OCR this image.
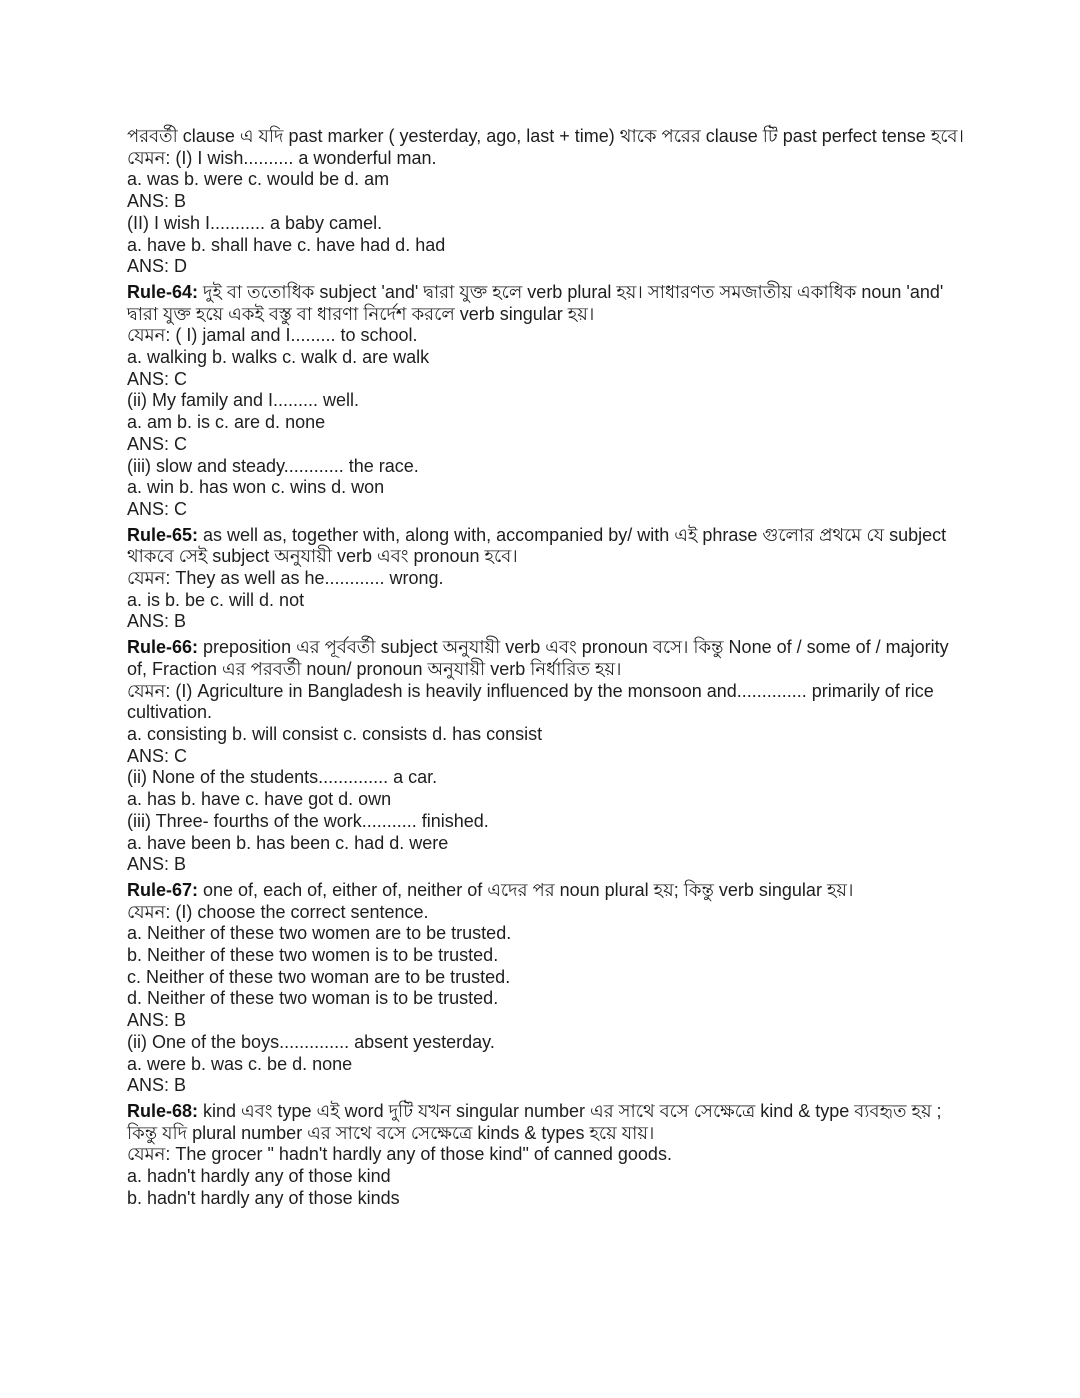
পরবর্তী clause এ যদি past marker ( yesterday, ago, last + time) থাকে পরের clause টি past perfect tense হবে।
যেমন: (I) I wish.......... a wonderful man.
a. was b. were c. would be d. am
ANS: B
(II) I wish I........... a baby camel.
a. have b. shall have c. have had d. had
ANS: D
Rule-64: দুই বা ততোধিক subject 'and' দ্বারা যুক্ত হলে verb plural হয়। সাধারণত সমজাতীয় একাধিক noun 'and' দ্বারা যুক্ত হয়ে একই বস্তু বা ধারণা নির্দেশ করলে verb singular হয়।
যেমন: ( I) jamal and I......... to school.
a. walking b. walks c. walk d. are walk
ANS: C
(ii) My family and I......... well.
a. am b. is c. are d. none
ANS: C
(iii) slow and steady............ the race.
a. win b. has won c. wins d. won
ANS: C
Rule-65: as well as, together with, along with, accompanied by/ with এই phrase গুলোর প্রথমে যে subject থাকবে সেই subject অনুযায়ী verb এবং pronoun হবে।
যেমন: They as well as he............ wrong.
a. is b. be c. will d. not
ANS: B
Rule-66: preposition এর পূর্ববর্তী subject অনুযায়ী verb এবং pronoun বসে। কিন্তু None of / some of / majority of, Fraction এর পরবর্তী noun/ pronoun অনুযায়ী verb নির্ধারিত হয়।
যেমন: (I) Agriculture in Bangladesh is heavily influenced by the monsoon and.............. primarily of rice cultivation.
a. consisting b. will consist c. consists d. has consist
ANS: C
(ii) None of the students.............. a car.
a. has b. have c. have got d. own
(iii) Three- fourths of the work........... finished.
a. have been b. has been c. had d. were
ANS: B
Rule-67: one of, each of, either of, neither of এদের পর noun plural হয়; কিন্তু verb singular হয়।
যেমন: (I) choose the correct sentence.
a. Neither of these two women are to be trusted.
b. Neither of these two women is to be trusted.
c. Neither of these two woman are to be trusted.
d. Neither of these two woman is to be trusted.
ANS: B
(ii) One of the boys.............. absent yesterday.
a. were b. was c. be d. none
ANS: B
Rule-68: kind এবং type এই word দুটি যখন singular number এর সাথে বসে সেক্ষেত্রে kind & type ব্যবহৃত হয় ; কিন্তু যদি plural number এর সাথে বসে সেক্ষেত্রে kinds & types হয়ে যায়।
যেমন: The grocer " hadn't hardly any of those kind" of canned goods.
a. hadn't hardly any of those kind
b. hadn't hardly any of those kinds
